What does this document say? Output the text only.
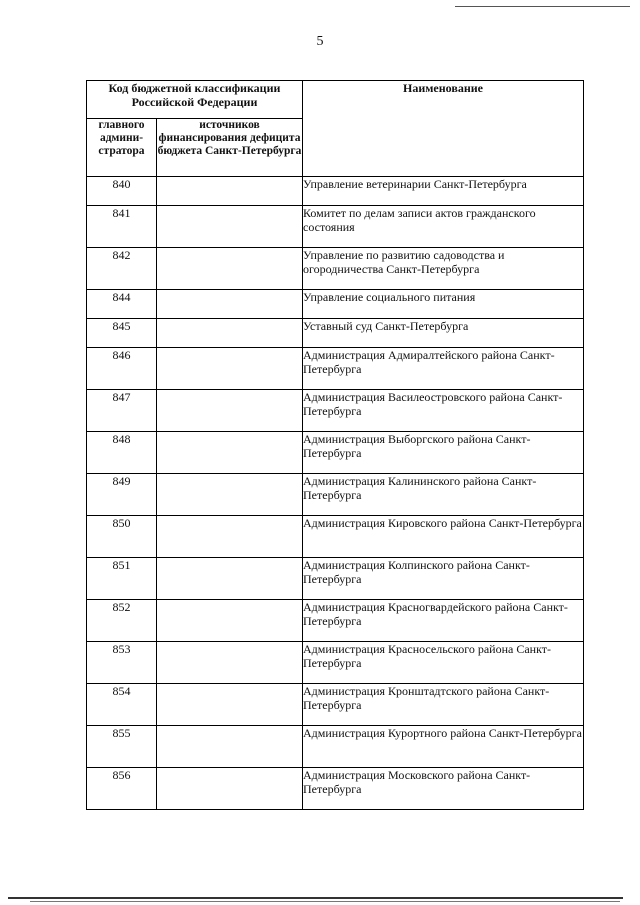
5
Код бюджетной классификации Российской Федерации		Наименование
главного админи-стратора	источников финансирования дефицита бюджета Санкт-Петербурга	
840		Управление ветеринарии Санкт-Петербурга
841		Комитет по делам записи актов гражданского состояния
842		Управление по развитию садоводства и огородничества Санкт-Петербурга
844		Управление социального питания
845		Уставный суд Санкт-Петербурга
846		Администрация Адмиралтейского района Санкт-Петербурга
847		Администрация Василеостровского района Санкт-Петербурга
848		Администрация Выборгского района Санкт-Петербурга
849		Администрация Калининского района Санкт-Петербурга
850		Администрация Кировского района Санкт-Петербурга
851		Администрация Колпинского района Санкт-Петербурга
852		Администрация Красногвардейского района Санкт-Петербурга
853		Администрация Красносельского района Санкт-Петербурга
854		Администрация Кронштадтского района Санкт-Петербурга
855		Администрация Курортного района Санкт-Петербурга
856		Администрация Московского района Санкт-Петербурга
